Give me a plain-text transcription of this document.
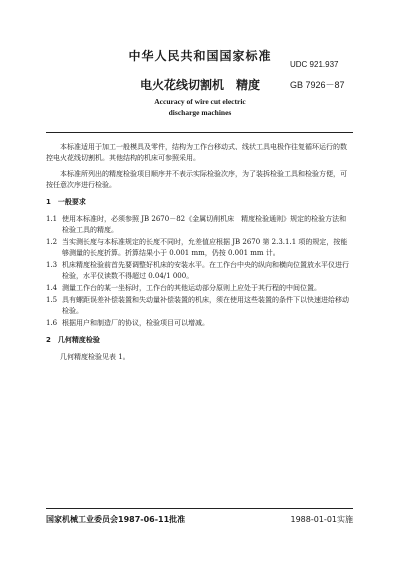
中华人民共和国国家标准
UDC 921.937
GB 7926－87
电火花线切割机　精度
Accuracy of wire cut electric
discharge machines

本标准适用于加工一般模具及零件，结构为工作台移动式、线状工具电极作往复循环运行的数控电火花线切割机。其他结构的机床可参照采用。

本标准所列出的精度检验项目顺序并不表示实际检验次序，为了装拆检验工具和检验方便，可按任意次序进行检验。

1　一般要求
1.1 使用本标准时，必须参照 JB 2670－82《金属切削机床　精度检验通则》规定的检验方法和检验工具的精度。
1.2 当实测长度与本标准规定的长度不同时，允差值应根据 JB 2670 第 2.3.1.1 项的规定，按能够测量的长度折算。折算结果小于 0.001 mm，仍按 0.001 mm 计。
1.3 机床精度检验前首先要调整好机床的安装水平。在工作台中央的纵向和横向位置放水平仪进行检验，水平仪读数不得超过 0.04/1 000。
1.4 测量工作台的某一坐标时，工作台的其他运动部分原则上应处于其行程的中间位置。
1.5 具有螺距误差补偿装置和失动量补偿装置的机床，须在使用这些装置的条件下以快速进给移动检验。
1.6 根据用户和制造厂的协议，检验项目可以增减。
2　几何精度检验

几何精度检验见表 1。

国家机械工业委员会1987-06-11批准	1988-01-01实施
